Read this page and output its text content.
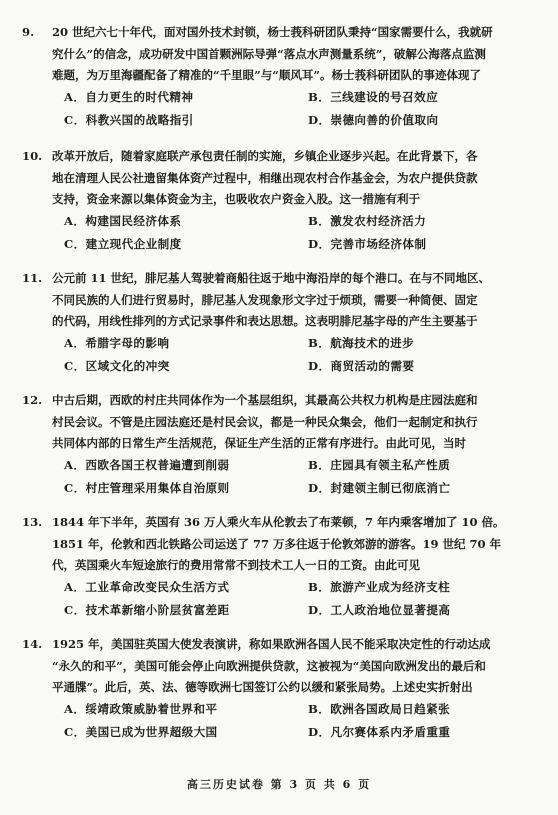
9. 20 世纪六七十年代，面对国外技术封锁，杨士莪科研团队秉持“国家需要什么，我就研
究什么”的信念，成功研发中国首颗洲际导弹“落点水声测量系统”，破解公海落点监测
难题，为万里海疆配备了精准的“千里眼”与“顺风耳”。杨士莪科研团队的事迹体现了
A．自力更生的时代精神	B．三线建设的号召效应
C．科教兴国的战略指引	D．崇德向善的价值取向
10. 改革开放后，随着家庭联产承包责任制的实施，乡镇企业逐步兴起。在此背景下，各
地在清理人民公社遗留集体资产过程中，相继出现农村合作基金会，为农户提供贷款
支持，资金来源以集体资金为主，也吸收农户资金入股。这一措施有利于
A．构建国民经济体系	B．激发农村经济活力
C．建立现代企业制度	D．完善市场经济体制
11. 公元前 11 世纪，腓尼基人驾驶着商船往返于地中海沿岸的每个港口。在与不同地区、
不同民族的人们进行贸易时，腓尼基人发现象形文字过于烦琐，需要一种简便、固定
的代码，用线性排列的方式记录事件和表达思想。这表明腓尼基字母的产生主要基于
A．希腊字母的影响	B．航海技术的进步
C．区域文化的冲突	D．商贸活动的需要
12. 中古后期，西欧的村庄共同体作为一个基层组织，其最高公共权力机构是庄园法庭和
村民会议。不管是庄园法庭还是村民会议，都是一种民众集会，他们一起制定和执行
共同体内部的日常生产生活规范，保证生产生活的正常有序进行。由此可见，当时
A．西欧各国王权普遍遭到削弱	B．庄园具有领主私产性质
C．村庄管理采用集体自治原则	D．封建领主制已彻底消亡
13. 1844 年下半年，英国有 36 万人乘火车从伦敦去了布莱顿，7 年内乘客增加了 10 倍。
1851 年，伦敦和西北铁路公司运送了 77 万多往返于伦敦郊游的游客。19 世纪 70 年
代，英国乘火车短途旅行的费用常常不到技术工人一日的工资。由此可见
A．工业革命改变民众生活方式	B．旅游产业成为经济支柱
C．技术革新缩小阶层贫富差距	D．工人政治地位显著提高
14. 1925 年，美国驻英国大使发表演讲，称如果欧洲各国人民不能采取决定性的行动达成
“永久的和平”，美国可能会停止向欧洲提供贷款，这被视为“美国向欧洲发出的最后和
平通牒”。此后，英、法、德等欧洲七国签订公约以缓和紧张局势。上述史实折射出
A．绥靖政策威胁着世界和平	B．欧洲各国政局日趋紧张
C．美国已成为世界超级大国	D．凡尔赛体系内矛盾重重
高三历史试卷 第 3 页 共 6 页
